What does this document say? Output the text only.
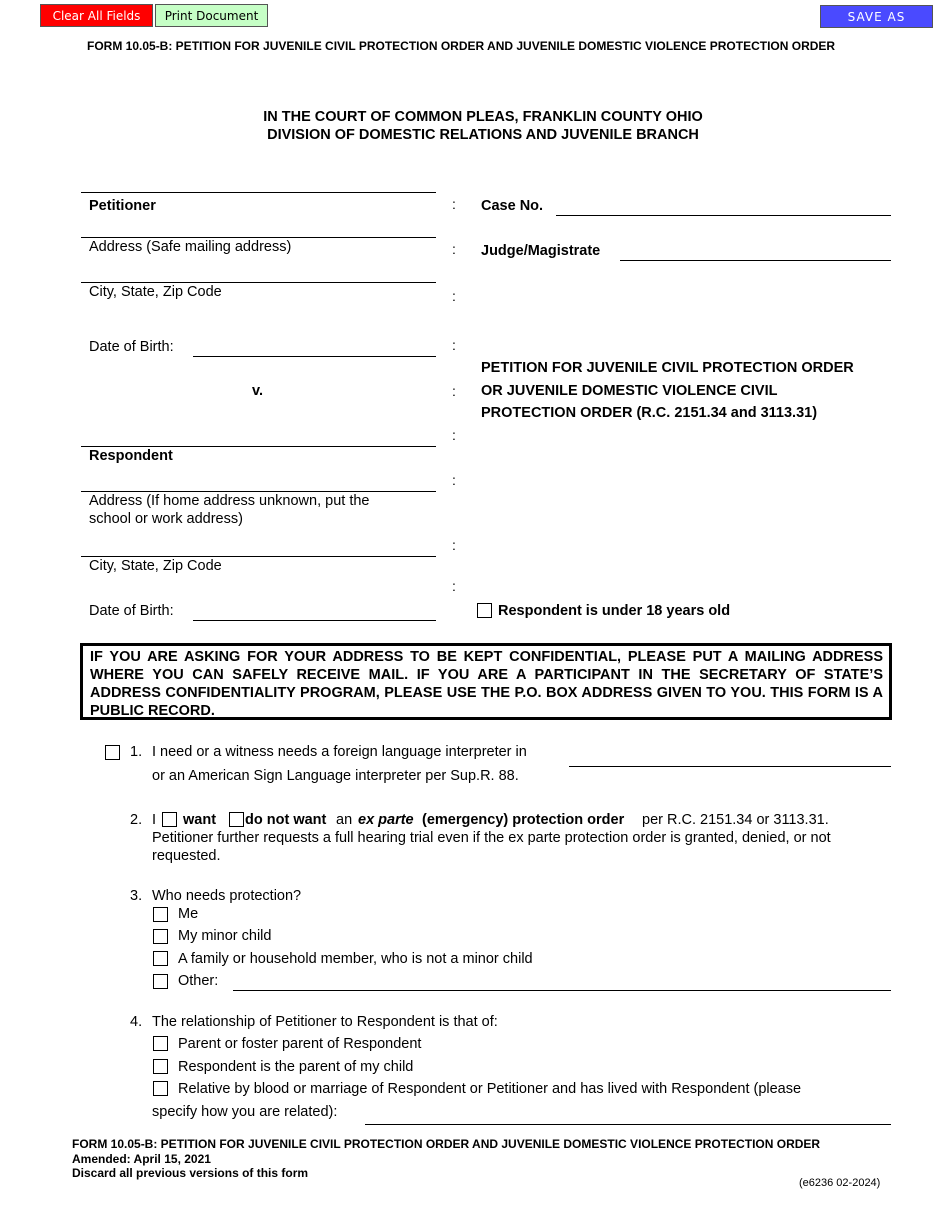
Clear All Fields	Print Document	SAVE AS
FORM 10.05-B: PETITION FOR JUVENILE CIVIL PROTECTION ORDER AND JUVENILE DOMESTIC VIOLENCE PROTECTION ORDER
IN THE COURT OF COMMON PLEAS, FRANKLIN COUNTY OHIO
DIVISION OF DOMESTIC RELATIONS AND JUVENILE BRANCH
Petitioner
Address (Safe mailing address)
City, State, Zip Code
Date of Birth:
v.
Respondent
Address (If home address unknown, put the
school or work address)
City, State, Zip Code
Date of Birth:
:
:
:
:
:
:
:
:
:
Case No.
Judge/Magistrate
PETITION FOR JUVENILE CIVIL PROTECTION ORDER
OR JUVENILE DOMESTIC VIOLENCE CIVIL
PROTECTION ORDER (R.C. 2151.34 and 3113.31)
Respondent is under 18 years old
IF YOU ARE ASKING FOR YOUR ADDRESS TO BE KEPT CONFIDENTIAL, PLEASE PUT A MAILING ADDRESS WHERE YOU CAN SAFELY RECEIVE MAIL. IF YOU ARE A PARTICIPANT IN THE SECRETARY OF STATE’S ADDRESS CONFIDENTIALITY PROGRAM, PLEASE USE THE P.O. BOX ADDRESS GIVEN TO YOU. THIS FORM IS A PUBLIC RECORD.
1. I need or a witness needs a foreign language interpreter in
or an American Sign Language interpreter per Sup.R. 88.
2. I want do not want an ex parte (emergency) protection order per R.C. 2151.34 or 3113.31.
Petitioner further requests a full hearing trial even if the ex parte protection order is granted, denied, or not
requested.
3. Who needs protection?
Me
My minor child
A family or household member, who is not a minor child
Other:
4. The relationship of Petitioner to Respondent is that of:
Parent or foster parent of Respondent
Respondent is the parent of my child
Relative by blood or marriage of Respondent or Petitioner and has lived with Respondent (please
specify how you are related):
FORM 10.05-B: PETITION FOR JUVENILE CIVIL PROTECTION ORDER AND JUVENILE DOMESTIC VIOLENCE PROTECTION ORDER
Amended: April 15, 2021
Discard all previous versions of this form
(e6236 02-2024)
